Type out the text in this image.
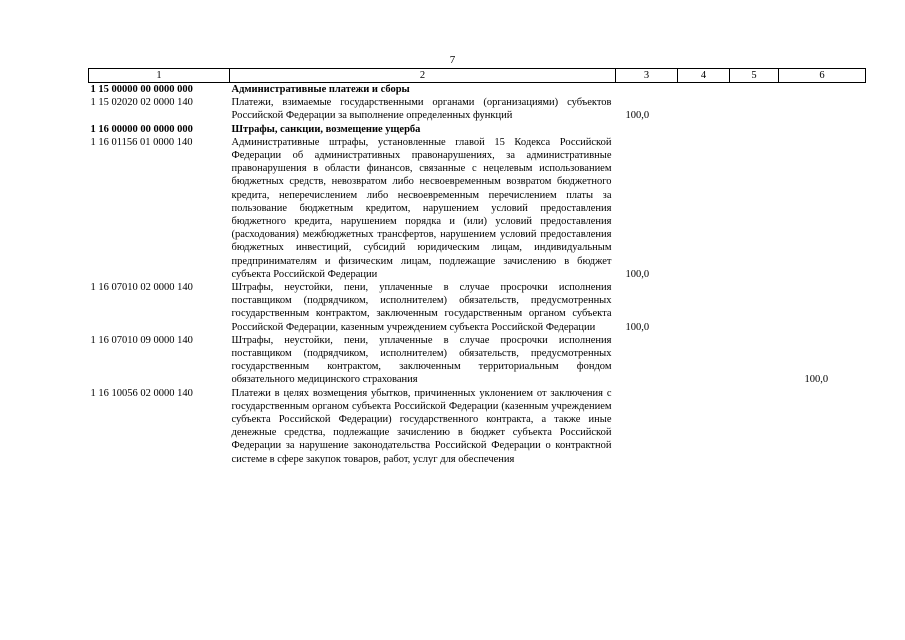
7
1	2	3	4	5	6
1 15 00000 00 0000 000	Административные платежи и сборы				
1 15 02020 02 0000 140	Платежи, взимаемые государственными органами (организациями) субъектов Российской Федерации за выполнение определенных функций	100,0			
1 16 00000 00 0000 000	Штрафы, санкции, возмещение ущерба				
1 16 01156 01 0000 140	Административные штрафы, установленные главой 15 Кодекса Российской Федерации об административных правонарушениях, за административные правонарушения в области финансов, связанные с нецелевым использованием бюджетных средств, невозвратом либо несвоевременным возвратом бюджетного кредита, неперечислением либо несвоевременным перечислением платы за пользование бюджетным кредитом, нарушением условий предоставления бюджетного кредита, нарушением порядка и (или) условий предоставления (расходования) межбюджетных трансфертов, нарушением условий предоставления бюджетных инвестиций, субсидий юридическим лицам, индивидуальным предпринимателям и физическим лицам, подлежащие зачислению в бюджет субъекта Российской Федерации	100,0			
1 16 07010 02 0000 140	Штрафы, неустойки, пени, уплаченные в случае просрочки исполнения поставщиком (подрядчиком, исполнителем) обязательств, предусмотренных государственным контрактом, заключенным государственным органом субъекта Российской Федерации, казенным учреждением субъекта Российской Федерации	100,0			
1 16 07010 09 0000 140	Штрафы, неустойки, пени, уплаченные в случае просрочки исполнения поставщиком (подрядчиком, исполнителем) обязательств, предусмотренных государственным контрактом, заключенным территориальным фондом обязательного медицинского страхования				100,0
1 16 10056 02 0000 140	Платежи в целях возмещения убытков, причиненных уклонением от заключения с государственным органом субъекта Российской Федерации (казенным учреждением субъекта Российской Федерации) государственного контракта, а также иные денежные средства, подлежащие зачислению в бюджет субъекта Российской Федерации за нарушение законодательства Российской Федерации о контрактной системе в сфере закупок товаров, работ, услуг для обеспечения				
